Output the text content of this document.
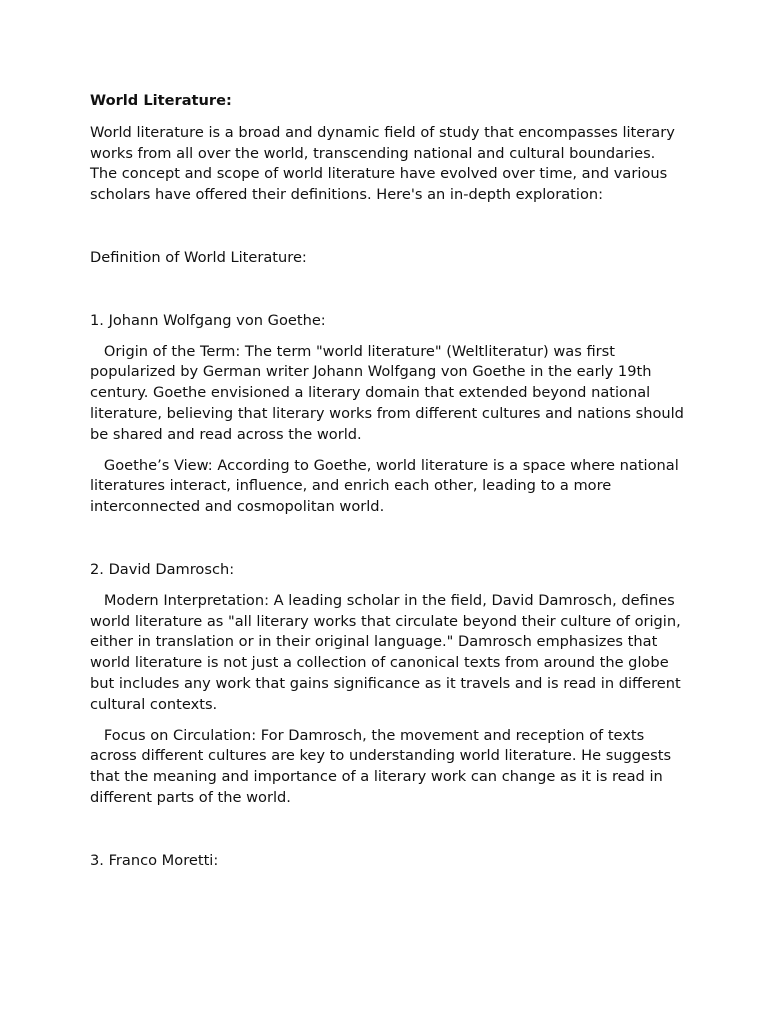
World Literature:

World literature is a broad and dynamic field of study that encompasses literary works from all over the world, transcending national and cultural boundaries. The concept and scope of world literature have evolved over time, and various scholars have offered their definitions. Here's an in-depth exploration:

Definition of World Literature:

1. Johann Wolfgang von Goethe:

Origin of the Term: The term "world literature" (Weltliteratur) was first popularized by German writer Johann Wolfgang von Goethe in the early 19th century. Goethe envisioned a literary domain that extended beyond national literature, believing that literary works from different cultures and nations should be shared and read across the world.

Goethe’s View: According to Goethe, world literature is a space where national literatures interact, influence, and enrich each other, leading to a more interconnected and cosmopolitan world.

2. David Damrosch:

Modern Interpretation: A leading scholar in the field, David Damrosch, defines world literature as "all literary works that circulate beyond their culture of origin, either in translation or in their original language." Damrosch emphasizes that world literature is not just a collection of canonical texts from around the globe but includes any work that gains significance as it travels and is read in different cultural contexts.

Focus on Circulation: For Damrosch, the movement and reception of texts across different cultures are key to understanding world literature. He suggests that the meaning and importance of a literary work can change as it is read in different parts of the world.

3. Franco Moretti:
